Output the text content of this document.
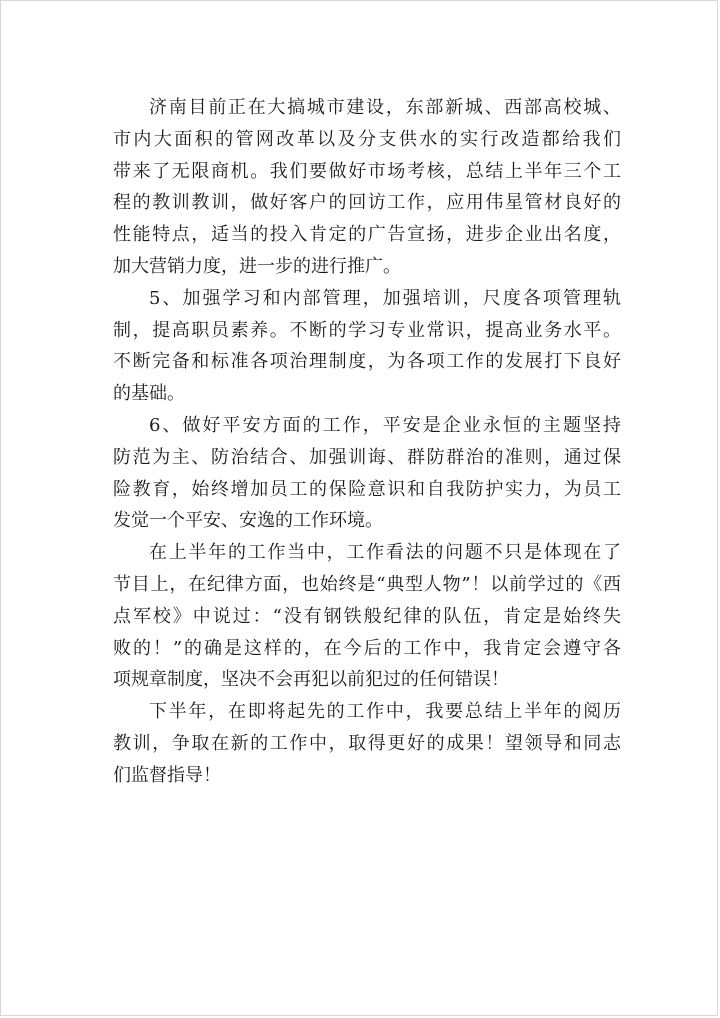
济南目前正在大搞城市建设，东部新城、西部高校城、
市内大面积的管网改革以及分支供水的实行改造都给我们
带来了无限商机。我们要做好市场考核，总结上半年三个工
程的教训教训，做好客户的回访工作，应用伟星管材良好的
性能特点，适当的投入肯定的广告宣扬，进步企业出名度，
加大营销力度，进一步的进行推广。
5、加强学习和内部管理，加强培训，尺度各项管理轨
制，提高职员素养。不断的学习专业常识，提高业务水平。
不断完备和标准各项治理制度，为各项工作的发展打下良好
的基础。
6、做好平安方面的工作，平安是企业永恒的主题坚持
防范为主、防治结合、加强训诲、群防群治的准则，通过保
险教育，始终增加员工的保险意识和自我防护实力，为员工
发觉一个平安、安逸的工作环境。
在上半年的工作当中，工作看法的问题不只是体现在了
节目上，在纪律方面，也始终是“典型人物”！以前学过的《西
点军校》中说过：“没有钢铁般纪律的队伍，肯定是始终失
败的！”的确是这样的，在今后的工作中，我肯定会遵守各
项规章制度，坚决不会再犯以前犯过的任何错误！
下半年，在即将起先的工作中，我要总结上半年的阅历
教训，争取在新的工作中，取得更好的成果！望领导和同志
们监督指导！
